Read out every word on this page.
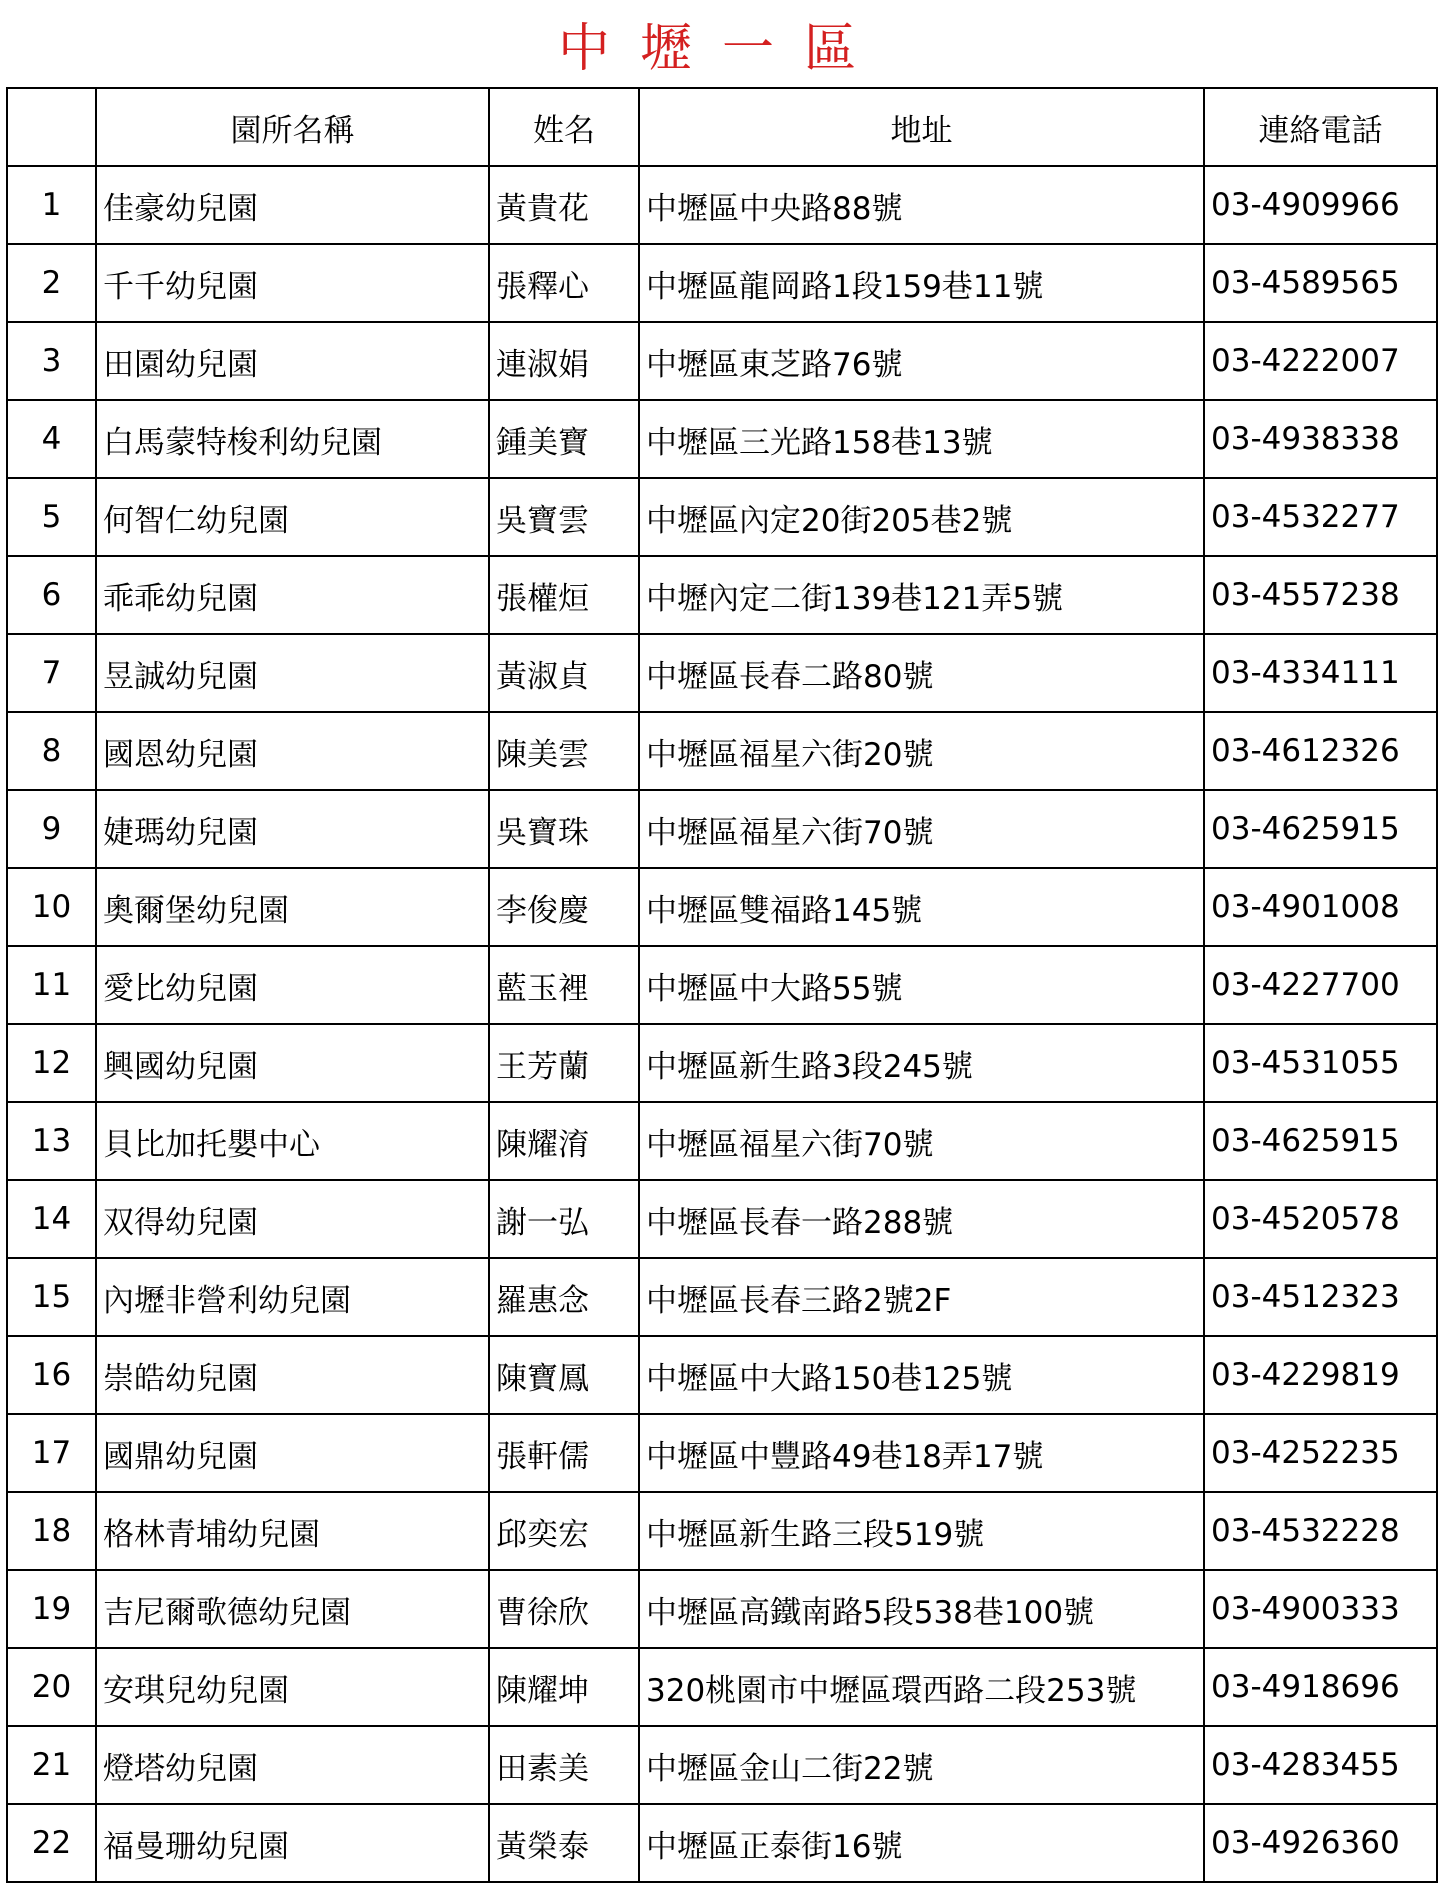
中壢一區
	園所名稱	姓名	地址	連絡電話
1	佳豪幼兒園	黃貴花	中壢區中央路88號	03-4909966
2	千千幼兒園	張釋心	中壢區龍岡路1段159巷11號	03-4589565
3	田園幼兒園	連淑娟	中壢區東芝路76號	03-4222007
4	白馬蒙特梭利幼兒園	鍾美寶	中壢區三光路158巷13號	03-4938338
5	何智仁幼兒園	吳寶雲	中壢區內定20街205巷2號	03-4532277
6	乖乖幼兒園	張權烜	中壢內定二街139巷121弄5號	03-4557238
7	昱誠幼兒園	黃淑貞	中壢區長春二路80號	03-4334111
8	國恩幼兒園	陳美雲	中壢區福星六街20號	03-4612326
9	婕瑪幼兒園	吳寶珠	中壢區福星六街70號	03-4625915
10	奧爾堡幼兒園	李俊慶	中壢區雙福路145號	03-4901008
11	愛比幼兒園	藍玉裡	中壢區中大路55號	03-4227700
12	興國幼兒園	王芳蘭	中壢區新生路3段245號	03-4531055
13	貝比加托嬰中心	陳耀淯	中壢區福星六街70號	03-4625915
14	双得幼兒園	謝一弘	中壢區長春一路288號	03-4520578
15	內壢非營利幼兒園	羅惠念	中壢區長春三路2號2F	03-4512323
16	崇皓幼兒園	陳寶鳳	中壢區中大路150巷125號	03-4229819
17	國鼎幼兒園	張軒儒	中壢區中豐路49巷18弄17號	03-4252235
18	格林青埔幼兒園	邱奕宏	中壢區新生路三段519號	03-4532228
19	吉尼爾歌德幼兒園	曹徐欣	中壢區高鐵南路5段538巷100號	03-4900333
20	安琪兒幼兒園	陳耀坤	320桃園市中壢區環西路二段253號	03-4918696
21	燈塔幼兒園	田素美	中壢區金山二街22號	03-4283455
22	福曼珊幼兒園	黃榮泰	中壢區正泰街16號	03-4926360
